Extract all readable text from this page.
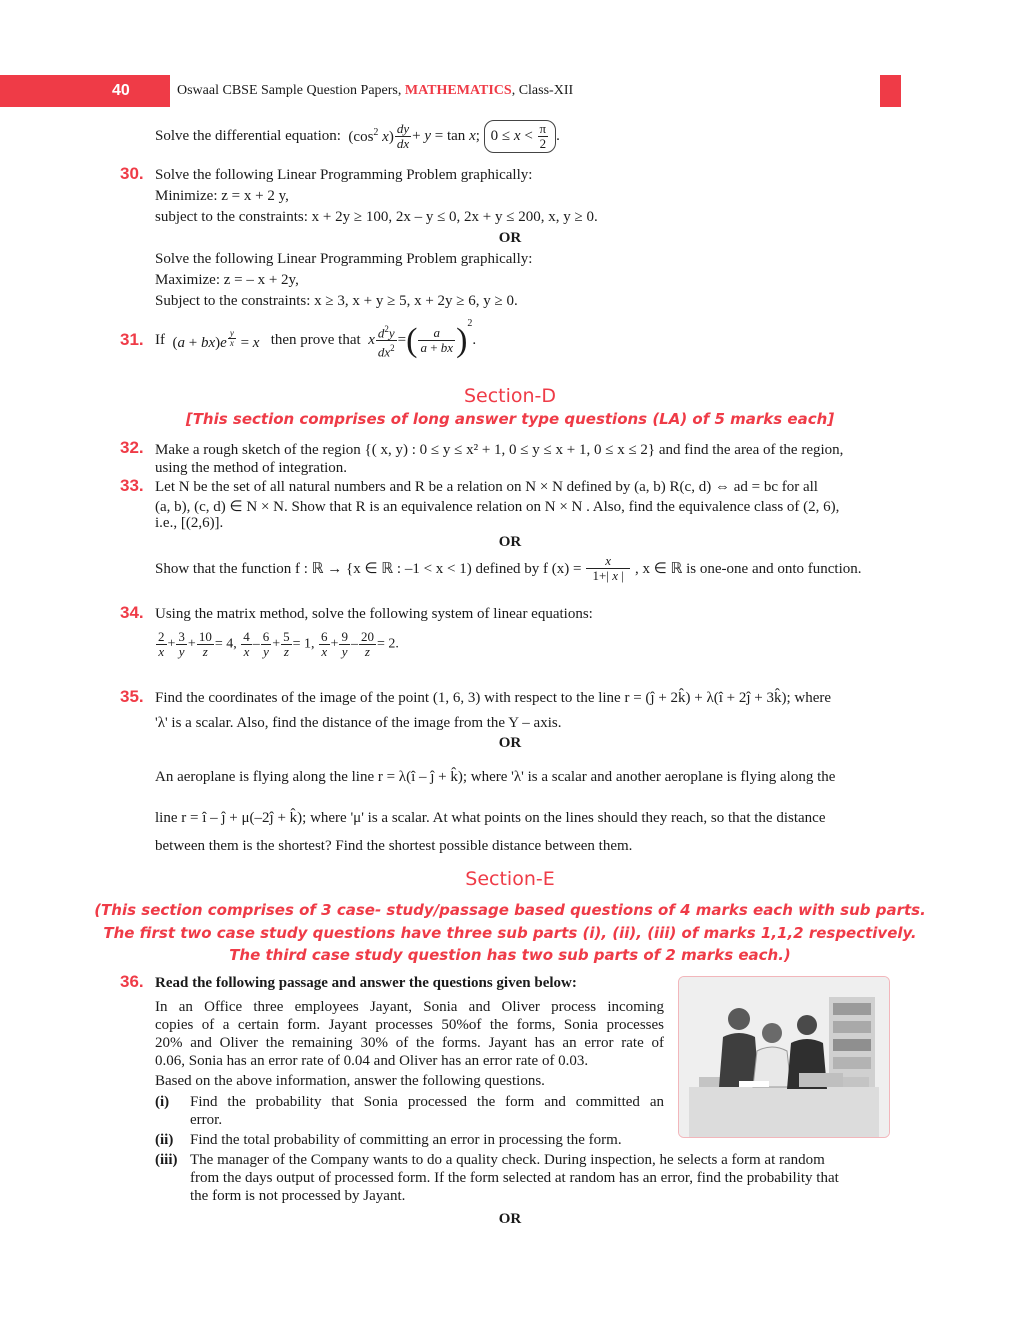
40	Oswaal CBSE Sample Question Papers, MATHEMATICS, Class-XII
Solve the differential equation:  ($\cos^2$ $x) \frac{dy}{dx} + y = \tan x$; $0 \le x < \frac{\pi}{2}$ .
30. Solve the following Linear Programming Problem graphically:
Minimize: z = x + 2 y,
subject to the constraints: x + 2y ≥ 100, 2x – y ≤ 0, 2x + y ≤ 200, x, y ≥ 0.
OR
Solve the following Linear Programming Problem graphically:
Maximize: z = – x + 2y,
Subject to the constraints: x ≥ 3, x + y ≥ 5, x + 2y ≥ 6, y ≥ 0.
31. If  (a + bx)e $^{\frac{y}{x}}$ = x then prove that x $\frac{d^2y}{dx^2}$ =( $\frac{a}{a + bx} )^2$.
Section-D
[This section comprises of long answer type questions (LA) of 5 marks each]
32. Make a rough sketch of the region {( x, y) : 0 ≤ y ≤ x² + 1, 0 ≤ y ≤ x + 1, 0 ≤ x ≤ 2} and find the area of the region,
using the method of integration.
33. Let N be the set of all natural numbers and R be a relation on N × N defined by (a, b) R(c, d) ⇔ ad = bc for all
(a, b), (c, d) ∈ N × N. Show that R is an equivalence relation on N × N . Also, find the equivalence class of (2, 6),
i.e., [(2,6)].
OR
Show that the function f : ℝ → {x ∈ ℝ : –1 < x < 1) defined by f $(x) = \frac{x}{1+| x |}$ , x ∈ ℝ is one-one and onto function.
34. Using the matrix method, solve the following system of linear equations:
$\frac{2}{x} + \frac{3}{y} + \frac{10}{z} = 4$, $\frac{4}{x} - \frac{6}{y} + \frac{5}{z} = 1$, $\frac{6}{x} + \frac{9}{y} - \frac{20}{z} = 2$.
35. Find the coordinates of the image of the point (1, 6, 3) with respect to the line r = (ĵ + 2k̂) + λ(î + 2ĵ + 3k̂); where
'λ' is a scalar. Also, find the distance of the image from the Y – axis.
OR
An aeroplane is flying along the line r = λ(î – ĵ + k̂); where 'λ' is a scalar and another aeroplane is flying along the
line r = î – ĵ + μ(–2ĵ + k̂); where 'μ' is a scalar. At what points on the lines should they reach, so that the distance
between them is the shortest? Find the shortest possible distance between them.
Section-E
(This section comprises of 3 case- study/passage based questions of 4 marks each with sub parts.
The first two case study questions have three sub parts (i), (ii), (iii) of marks 1,1,2 respectively.
The third case study question has two sub parts of 2 marks each.)
36. Read the following passage and answer the questions given below:
In an Office three employees Jayant, Sonia and Oliver process incoming
copies of a certain form. Jayant processes 50%of the forms, Sonia processes
20% and Oliver the remaining 30% of the forms. Jayant has an error rate of
0.06, Sonia has an error rate of 0.04 and Oliver has an error rate of 0.03.
Based on the above information, answer the following questions.
(i) Find the probability that Sonia processed the form and committed an
error.
(ii) Find the total probability of committing an error in processing the form.
(iii) The manager of the Company wants to do a quality check. During inspection, he selects a form at random
from the days output of processed form. If the form selected at random has an error, find the probability that
the form is not processed by Jayant.
OR
